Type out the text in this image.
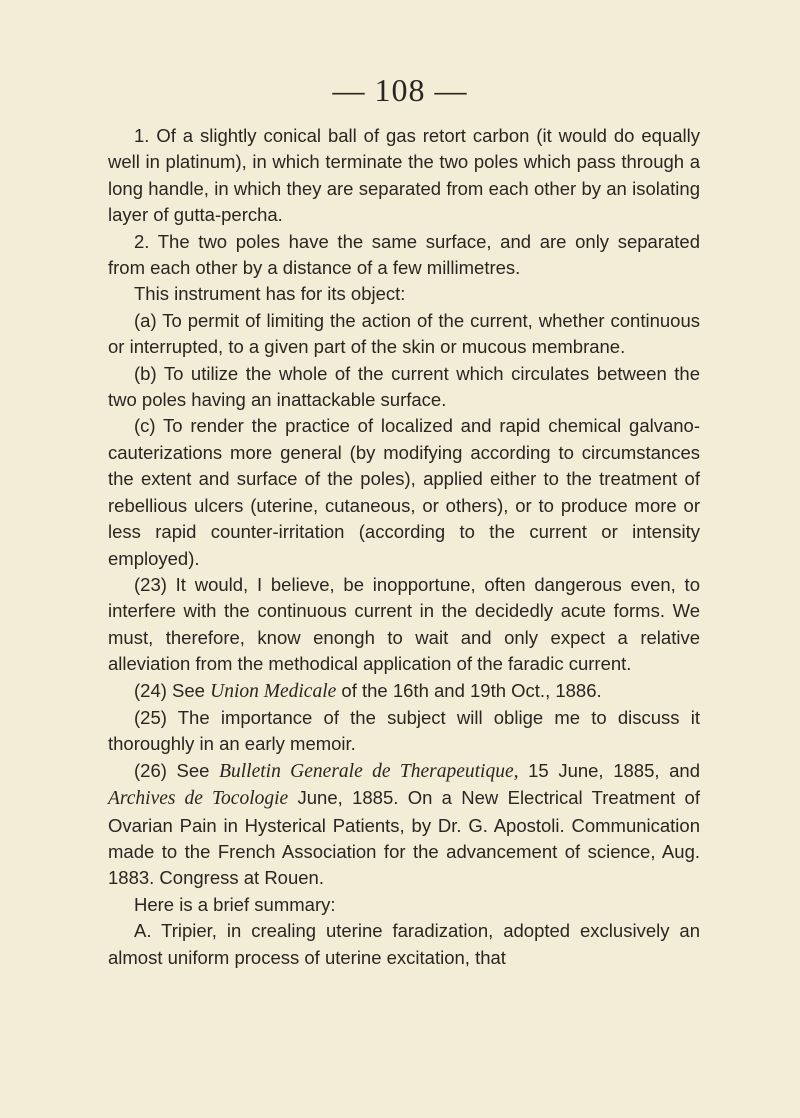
— 108 —

1. Of a slightly conical ball of gas retort carbon (it would do equally well in platinum), in which terminate the two poles which pass through a long handle, in which they are separated from each other by an isolating layer of gutta-percha.

2. The two poles have the same surface, and are only separated from each other by a distance of a few millimetres.

This instrument has for its object:

(a) To permit of limiting the action of the current, whether continuous or interrupted, to a given part of the skin or mucous membrane.

(b) To utilize the whole of the current which circulates between the two poles having an inattackable surface.

(c) To render the practice of localized and rapid chemical galvano-cauterizations more general (by modifying according to circumstances the extent and surface of the poles), applied either to the treatment of rebellious ulcers (uterine, cutaneous, or others), or to produce more or less rapid counter-irritation (according to the current or intensity employed).

(23) It would, I believe, be inopportune, often dangerous even, to interfere with the continuous current in the decidedly acute forms. We must, therefore, know enongh to wait and only expect a relative alleviation from the methodical application of the faradic current.

(24) See Union Medicale of the 16th and 19th Oct., 1886.

(25) The importance of the subject will oblige me to discuss it thoroughly in an early memoir.

(26) See Bulletin Generale de Therapeutique, 15 June, 1885, and Archives de Tocologie June, 1885. On a New Electrical Treatment of Ovarian Pain in Hysterical Patients, by Dr. G. Apostoli. Communication made to the French Association for the advancement of science, Aug. 1883. Congress at Rouen.

Here is a brief summary:

A. Tripier, in crealing uterine faradization, adopted exclusively an almost uniform process of uterine excitation, that
